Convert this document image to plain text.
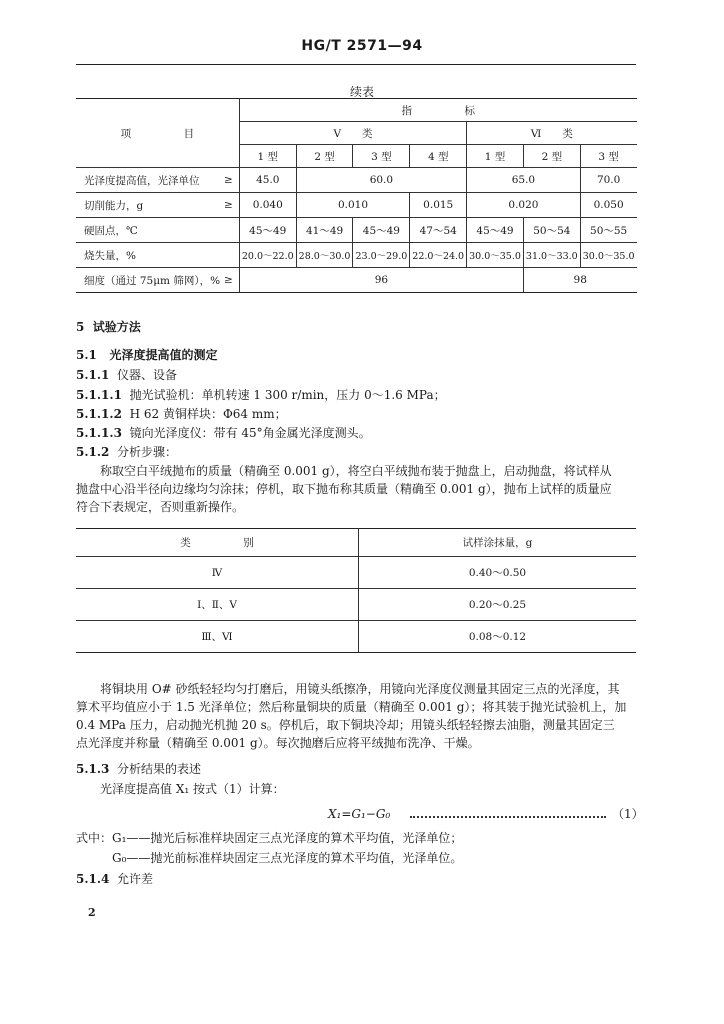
HG/T 2571—94
续表
项　　　　　目		指　　　　　标						
		Ⅴ　　类				Ⅵ　　类		
		1 型	2 型	3 型	4 型	1 型	2 型	3 型
光泽度提高值，光泽单位	≥	45.0	60.0			65.0		70.0
切削能力，g	≥	0.040	0.010		0.015	0.020		0.050
硬固点，℃		45～49	41～49	45～49	47～54	45～49	50～54	50～55
烧失量，%		20.0～22.0	28.0～30.0	23.0～29.0	22.0～24.0	30.0～35.0	31.0～33.0	30.0～35.0
细度（通过 75μm 筛网），%	≥	96					98	
5 试验方法
5.1 光泽度提高值的测定
5.1.1 仪器、设备
5.1.1.1 抛光试验机：单机转速 1 300 r/min，压力 0～1.6 MPa；
5.1.1.2 H 62 黄铜样块：Φ64 mm；
5.1.1.3 镜向光泽度仪：带有 45°角金属光泽度测头。
5.1.2 分析步骤：
称取空白平绒抛布的质量（精确至 0.001 g），将空白平绒抛布装于抛盘上，启动抛盘，将试样从
抛盘中心沿半径向边缘均匀涂抹；停机，取下抛布称其质量（精确至 0.001 g），抛布上试样的质量应
符合下表规定，否则重新操作。
类　　　　　别	试样涂抹量，g
Ⅳ	0.40～0.50
Ⅰ、Ⅱ、Ⅴ	0.20～0.25
Ⅲ、Ⅵ	0.08～0.12
将铜块用 O# 砂纸轻轻均匀打磨后，用镜头纸擦净，用镜向光泽度仪测量其固定三点的光泽度，其
算术平均值应小于 1.5 光泽单位；然后称量铜块的质量（精确至 0.001 g）；将其装于抛光试验机上，加
0.4 MPa 压力，启动抛光机抛 20 s。停机后，取下铜块冷却；用镜头纸轻轻擦去油脂，测量其固定三
点光泽度并称量（精确至 0.001 g）。每次抛磨后应将平绒抛布洗净、干燥。
5.1.3 分析结果的表述
光泽度提高值 X₁ 按式（1）计算：
X₁=G₁−G₀	（1）
式中：G₁——抛光后标准样块固定三点光泽度的算术平均值，光泽单位；
G₀——抛光前标准样块固定三点光泽度的算术平均值，光泽单位。
5.1.4 允许差
2
